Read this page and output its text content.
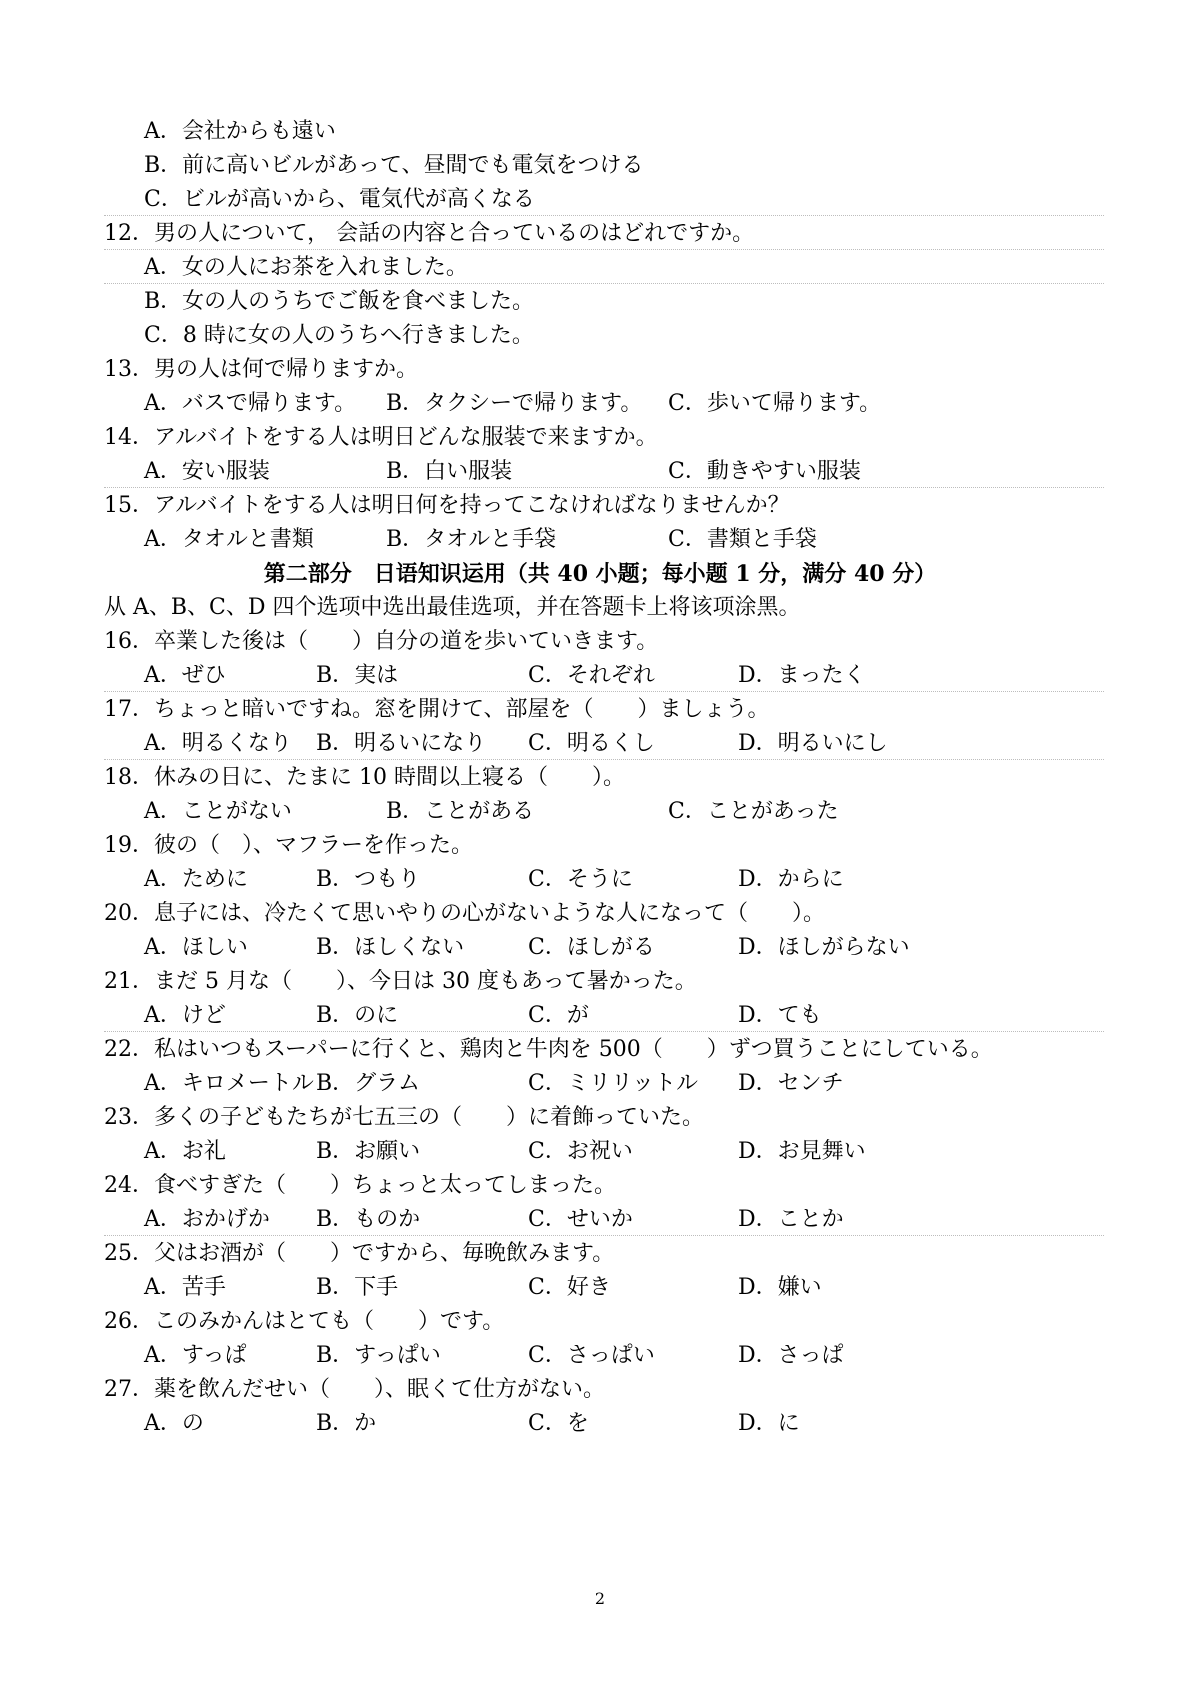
A．会社からも遠い
B．前に高いビルがあって、昼間でも電気をつける
C．ビルが高いから、電気代が高くなる
12．男の人について， 会話の内容と合っているのはどれですか。
A．女の人にお茶を入れました。
B．女の人のうちでご飯を食べました。
C．8 時に女の人のうちへ行きました。
13．男の人は何で帰りますか。
A．バスで帰ります。 B．タクシーで帰ります。 C．歩いて帰ります。
14．アルバイトをする人は明日どんな服装で来ますか。
A．安い服装	B．白い服装	C．動きやすい服装
15．アルバイトをする人は明日何を持ってこなければなりませんか？
A．タオルと書類	B．タオルと手袋	C．書類と手袋
第二部分　日语知识运用（共 40 小题；每小题 1 分，满分 40 分）
从 A、B、C、D 四个选项中选出最佳选项，并在答题卡上将该项涂黑。
16．卒業した後は（　　）自分の道を歩いていきます。
A．ぜひ	B．実は	C．それぞれ	D．まったく
17．ちょっと暗いですね。窓を開けて、部屋を（　　）ましょう。
A．明るくなり B．明るいになり C．明るくし	D．明るいにし
18．休みの日に、たまに 10 時間以上寝る（　　）。
A．ことがない	B．ことがある	C．ことがあった
19．彼の（　）、マフラーを作った。
A．ために	B．つもり	C．そうに	D．からに
20．息子には、冷たくて思いやりの心がないような人になって（　　）。
A．ほしい	B．ほしくない	C．ほしがる	D．ほしがらない
21．まだ 5 月な（　　）、今日は 30 度もあって暑かった。
A．けど	B．のに	C．が	D．ても
22．私はいつもスーパーに行くと、鶏肉と牛肉を 500（　　）ずつ買うことにしている。
A．キロメートル B．グラム	C．ミリリットル D．センチ
23．多くの子どもたちが七五三の（　　）に着飾っていた。
A．お礼	B．お願い	C．お祝い	D．お見舞い
24．食べすぎた（　　）ちょっと太ってしまった。
A．おかげか B．ものか	C．せいか	D．ことか
25．父はお酒が（　　）ですから、毎晩飲みます。
A．苦手	B．下手	C．好き	D．嫌い
26．このみかんはとても（　　）です。
A．すっぱ	B．すっぱい	C．さっぱい	D．さっぱ
27．薬を飲んだせい（　　）、眠くて仕方がない。
A．の	B．か	C．を	D．に
2
